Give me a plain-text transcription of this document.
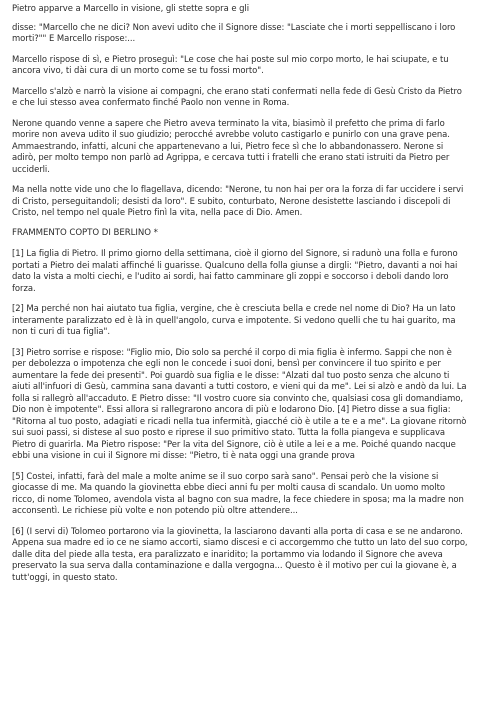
Pietro apparve a Marcello in visione, gli stette sopra e gli

disse: "Marcello che ne dici? Non avevi udito che il Signore disse: "Lasciate che i morti seppelliscano i loro morti?"" E Marcello rispose:...

Marcello rispose di sì, e Pietro proseguì: "Le cose che hai poste sul mio corpo morto, le hai sciupate, e tu ancora vivo, ti dài cura di un morto come se tu fossi morto".

Marcello s'alzò e narrò la visione ai compagni, che erano stati confermati nella fede di Gesù Cristo da Pietro e che lui stesso avea confermato finché Paolo non venne in Roma.

Nerone quando venne a sapere che Pietro aveva terminato la vita, biasimò il prefetto che prima di farlo morire non aveva udito il suo giudizio; perocché avrebbe voluto castigarlo e punirlo con una grave pena. Ammaestrando, infatti, alcuni che appartenevano a lui, Pietro fece sì che lo abbandonassero. Nerone si adirò, per molto tempo non parlò ad Agrippa, e cercava tutti i fratelli che erano stati istruiti da Pietro per ucciderli.

Ma nella notte vide uno che lo flagellava, dicendo: "Nerone, tu non hai per ora la forza di far uccidere i servi di Cristo, perseguitandoli; desisti da loro". E subito, conturbato, Nerone desistette lasciando i discepoli di Cristo, nel tempo nel quale Pietro finì la vita, nella pace di Dio. Amen.

FRAMMENTO COPTO DI BERLINO *

[1] La figlia di Pietro. Il primo giorno della settimana, cioè il giorno del Signore, si radunò una folla e furono portati a Pietro dei malati affinché li guarisse. Qualcuno della folla giunse a dirgli: "Pietro, davanti a noi hai dato la vista a molti ciechi, e l'udito ai sordi, hai fatto camminare gli zoppi e soccorso i deboli dando loro forza.

[2] Ma perché non hai aiutato tua figlia, vergine, che è cresciuta bella e crede nel nome di Dio? Ha un lato interamente paralizzato ed è là in quell'angolo, curva e impotente. Si vedono quelli che tu hai guarito, ma non ti curi di tua figlia".

[3] Pietro sorrise e rispose: "Figlio mio, Dio solo sa perché il corpo di mia figlia è infermo. Sappi che non è per debolezza o impotenza che egli non le concede i suoi doni, bensì per convincere il tuo spirito e per aumentare la fede dei presenti". Poi guardò sua figlia e le disse: "Alzati dal tuo posto senza che alcuno ti aiuti all'infuori di Gesù, cammina sana davanti a tutti costoro, e vieni qui da me". Lei si alzò e andò da lui. La folla si rallegrò all'accaduto. E Pietro disse: "Il vostro cuore sia convinto che, qualsiasi cosa gli domandiamo, Dio non è impotente". Essi allora si rallegrarono ancora di più e lodarono Dio. [4] Pietro disse a sua figlia: "Ritorna al tuo posto, adagiati e ricadi nella tua infermità, giacché ciò è utile a te e a me". La giovane ritornò sui suoi passi, si distese al suo posto e riprese il suo primitivo stato. Tutta la folla piangeva e supplicava Pietro di guarirla. Ma Pietro rispose: "Per la vita del Signore, ciò è utile a lei e a me. Poiché quando nacque ebbi una visione in cui il Signore mi disse: "Pietro, ti è nata oggi una grande prova

[5] Costei, infatti, farà del male a molte anime se il suo corpo sarà sano". Pensai però che la visione si giocasse di me. Ma quando la giovinetta ebbe dieci anni fu per molti causa di scandalo. Un uomo molto ricco, di nome Tolomeo, avendola vista al bagno con sua madre, la fece chiedere in sposa; ma la madre non acconsentì. Le richiese più volte e non potendo più oltre attendere...

[6] (I servi di) Tolomeo portarono via la giovinetta, la lasciarono davanti alla porta di casa e se ne andarono. Appena sua madre ed io ce ne siamo accorti, siamo discesi e ci accorgemmo che tutto un lato del suo corpo, dalle dita del piede alla testa, era paralizzato e inaridito; la portammo via lodando il Signore che aveva preservato la sua serva dalla contaminazione e dalla vergogna... Questo è il motivo per cui la giovane è, a tutt'oggi, in questo stato.
